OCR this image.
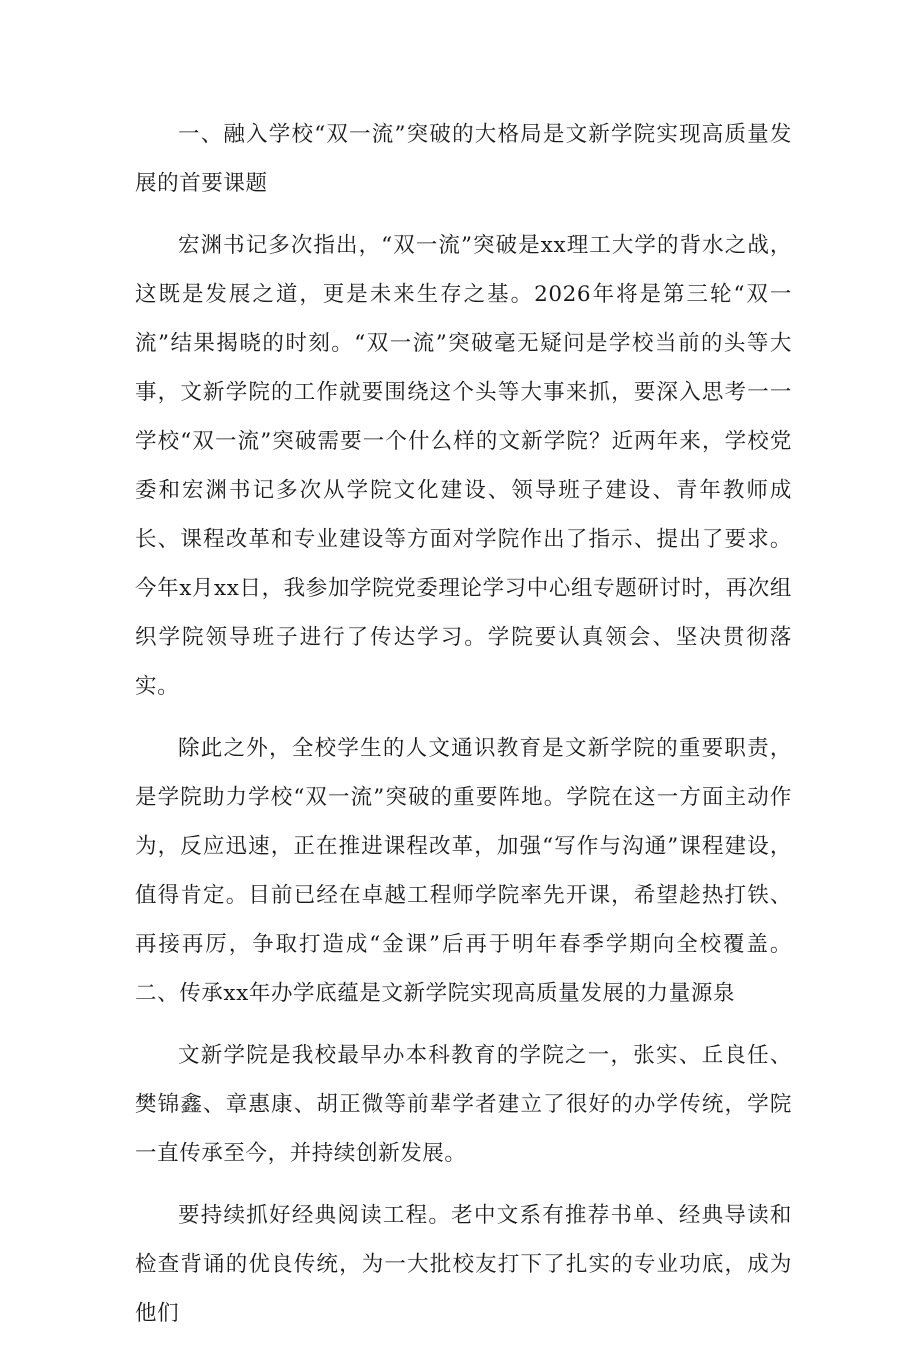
一、融入学校“双一流”突破的大格局是文新学院实现高质量发展的首要课题

宏渊书记多次指出，“双一流”突破是xx理工大学的背水之战，这既是发展之道，更是未来生存之基。2026年将是第三轮“双一流”结果揭晓的时刻。“双一流”突破毫无疑问是学校当前的头等大事，文新学院的工作就要围绕这个头等大事来抓，要深入思考一一学校“双一流”突破需要一个什么样的文新学院？近两年来，学校党委和宏渊书记多次从学院文化建设、领导班子建设、青年教师成长、课程改革和专业建设等方面对学院作出了指示、提出了要求。今年x月xx日，我参加学院党委理论学习中心组专题研讨时，再次组织学院领导班子进行了传达学习。学院要认真领会、坚决贯彻落实。

除此之外，全校学生的人文通识教育是文新学院的重要职责，是学院助力学校“双一流”突破的重要阵地。学院在这一方面主动作为，反应迅速，正在推进课程改革，加强“写作与沟通”课程建设，值得肯定。目前已经在卓越工程师学院率先开课，希望趁热打铁、再接再厉，争取打造成“金课”后再于明年春季学期向全校覆盖。二、传承xx年办学底蕴是文新学院实现高质量发展的力量源泉

文新学院是我校最早办本科教育的学院之一，张实、丘良任、樊锦鑫、章惠康、胡正微等前辈学者建立了很好的办学传统，学院一直传承至今，并持续创新发展。

要持续抓好经典阅读工程。老中文系有推荐书单、经典导读和检查背诵的优良传统，为一大批校友打下了扎实的专业功底，成为他们
